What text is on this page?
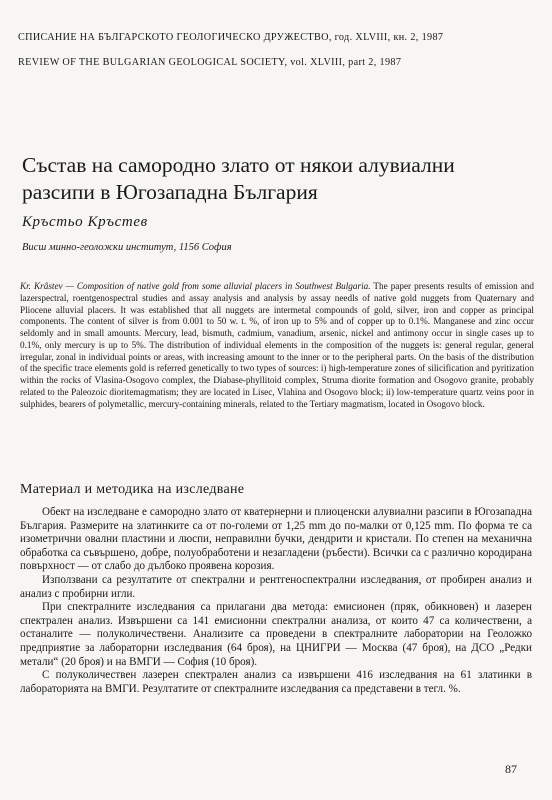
СПИСАНИЕ НА БЪЛГАРСКОТО ГЕОЛОГИЧЕСКО ДРУЖЕСТВО, год. XLVIII, кн. 2, 1987
REVIEW OF THE BULGARIAN GEOLOGICAL SOCIETY, vol. XLVIII, part 2, 1987
Състав на самородно злато от някои алувиални разсипи в Югозападна България
Кръстьо Кръстев
Висш минно-геоложки институт, 1156 София

Kr. Krâstev — Composition of native gold from some alluvial placers in Southwest Bulgaria. The paper presents results of emission and lazerspectral, roentgenospectral studies and assay analysis and analysis by assay needls of native gold nuggets from Quaternary and Pliocene alluvial placers. It was established that all nuggets are intermetal compounds of gold, silver, iron and copper as principal components. The content of silver is from 0.001 to 50 w. t. %, of iron up to 5% and of copper up to 0.1%. Manganese and zinc occur seldomly and in small amounts. Mercury, lead, bismuth, cadmium, vanadium, arsenic, nickel and antimony occur in single cases up to 0.1%, only mercury is up to 5%. The distribution of individual elements in the composition of the nuggets is: general regular, general irregular, zonal in individual points or areas, with increasing amount to the inner or to the peripheral parts. On the basis of the distribution of the specific trace elements gold is referred genetically to two types of sources: i) high-temperature zones of silicification and pyritization within the rocks of Vlasina-Osogovo complex, the Diabase-phyllitoid complex, Struma diorite formation and Osogovo granite, probably related to the Paleozoic dioritemagmatism; they are located in Lisec, Vlahina and Osogovo block; ii) low-temperature quartz veins poor in sulphides, bearers of polymetallic, mercury-containing minerals, related to the Tertiary magmatism, located in Osogovo block.

Материал и методика на изследване

Обект на изследване е самородно злато от кватернерни и плиоценски алувиални разсипи в Югозападна България. Размерите на златинките са от по-големи от 1,25 mm до по-малки от 0,125 mm. По форма те са изометрични овални пластини и люспи, неправилни бучки, дендрити и кристали. По степен на механична обработка са съвършено, добре, полуобработени и незагладени (ръбести). Всички са с различно кородирана повърхност — от слабо до дълбоко проявена корозия.

Използвани са резултатите от спектрални и рентгеноспектрални изследвания, от пробирен анализ и анализ с пробирни игли.

При спектралните изследвания са прилагани два метода: емисионен (пряк, обикновен) и лазерен спектрален анализ. Извършени са 141 емисионни спектрални анализа, от които 47 са количествени, а останалите — полуколичествени. Анализите са проведени в спектралните лаборатории на Геоложко предприятие за лабораторни изследвания (64 броя), на ЦНИГРИ — Москва (47 броя), на ДСО „Редки метали“ (20 броя) и на ВМГИ — София (10 броя).

С полуколичествен лазерен спектрален анализ са извършени 416 изследвания на 61 златинки в лабораторията на ВМГИ. Резултатите от спектралните изследвания са представени в тегл. %.

87
